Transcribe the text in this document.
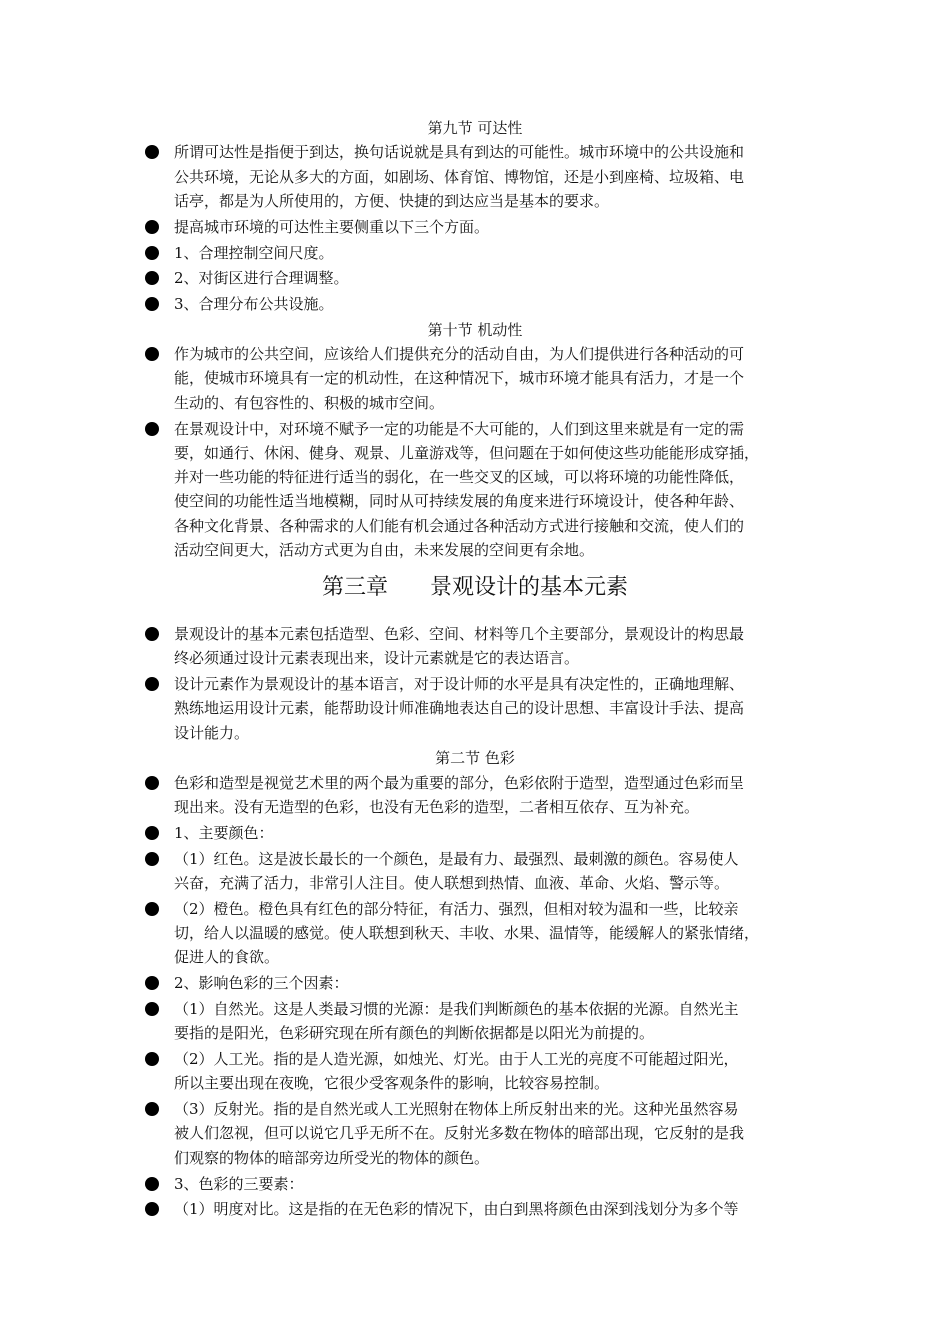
第九节 可达性
所谓可达性是指便于到达，换句话说就是具有到达的可能性。城市环境中的公共设施和
公共环境，无论从多大的方面，如剧场、体育馆、博物馆，还是小到座椅、垃圾箱、电
话亭，都是为人所使用的，方便、快捷的到达应当是基本的要求。
提高城市环境的可达性主要侧重以下三个方面。
1、合理控制空间尺度。
2、对街区进行合理调整。
3、合理分布公共设施。
第十节 机动性
作为城市的公共空间，应该给人们提供充分的活动自由，为人们提供进行各种活动的可
能，使城市环境具有一定的机动性，在这种情况下，城市环境才能具有活力，才是一个
生动的、有包容性的、积极的城市空间。
在景观设计中，对环境不赋予一定的功能是不大可能的，人们到这里来就是有一定的需
要，如通行、休闲、健身、观景、儿童游戏等，但问题在于如何使这些功能能形成穿插，
并对一些功能的特征进行适当的弱化，在一些交叉的区域，可以将环境的功能性降低，
使空间的功能性适当地模糊，同时从可持续发展的角度来进行环境设计，使各种年龄、
各种文化背景、各种需求的人们能有机会通过各种活动方式进行接触和交流，使人们的
活动空间更大，活动方式更为自由，未来发展的空间更有余地。
第三章      景观设计的基本元素
景观设计的基本元素包括造型、色彩、空间、材料等几个主要部分，景观设计的构思最
终必须通过设计元素表现出来，设计元素就是它的表达语言。
设计元素作为景观设计的基本语言，对于设计师的水平是具有决定性的，正确地理解、
熟练地运用设计元素，能帮助设计师准确地表达自己的设计思想、丰富设计手法、提高
设计能力。
第二节 色彩
色彩和造型是视觉艺术里的两个最为重要的部分，色彩依附于造型，造型通过色彩而呈
现出来。没有无造型的色彩，也没有无色彩的造型，二者相互依存、互为补充。
1、主要颜色：
（1）红色。这是波长最长的一个颜色，是最有力、最强烈、最刺激的颜色。容易使人
兴奋，充满了活力，非常引人注目。使人联想到热情、血液、革命、火焰、警示等。
（2）橙色。橙色具有红色的部分特征，有活力、强烈，但相对较为温和一些，比较亲
切，给人以温暖的感觉。使人联想到秋天、丰收、水果、温情等，能缓解人的紧张情绪，
促进人的食欲。
2、影响色彩的三个因素：
（1）自然光。这是人类最习惯的光源：是我们判断颜色的基本依据的光源。自然光主
要指的是阳光，色彩研究现在所有颜色的判断依据都是以阳光为前提的。
（2）人工光。指的是人造光源，如烛光、灯光。由于人工光的亮度不可能超过阳光，
所以主要出现在夜晚，它很少受客观条件的影响，比较容易控制。
（3）反射光。指的是自然光或人工光照射在物体上所反射出来的光。这种光虽然容易
被人们忽视，但可以说它几乎无所不在。反射光多数在物体的暗部出现，它反射的是我
们观察的物体的暗部旁边所受光的物体的颜色。
3、色彩的三要素：
（1）明度对比。这是指的在无色彩的情况下，由白到黑将颜色由深到浅划分为多个等
